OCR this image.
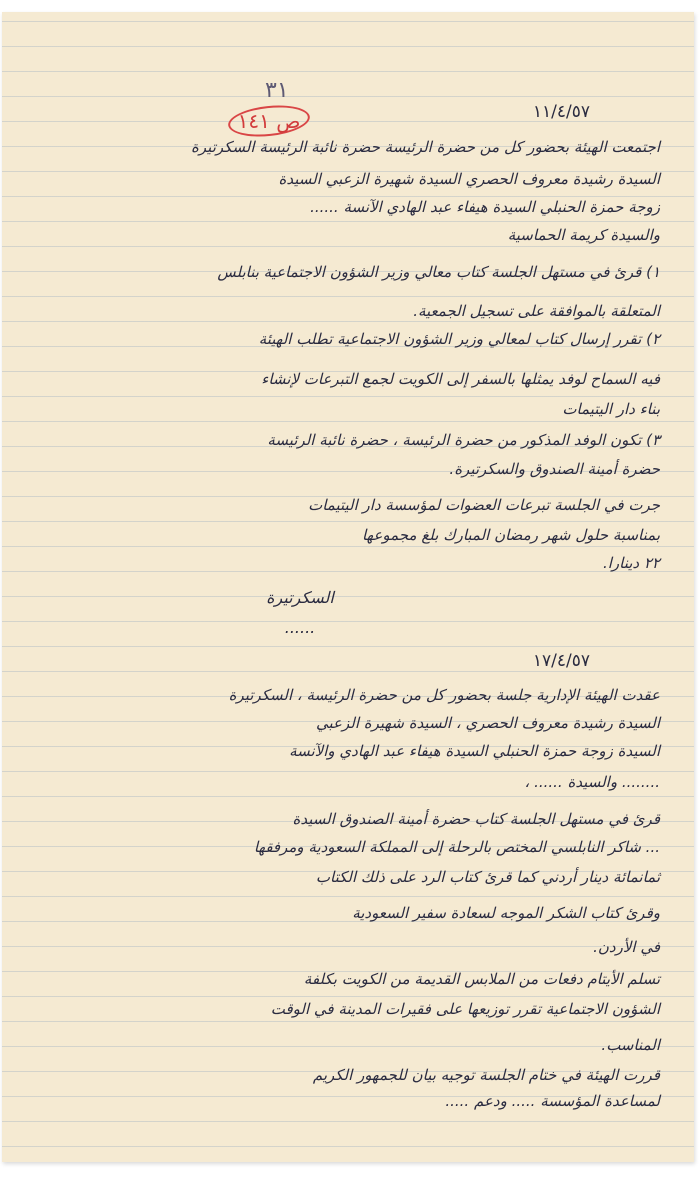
٣١
ص ١٤١	١١/٤/٥٧
اجتمعت الهيئة بحضور كل من حضرة الرئيسة حضرة نائبة الرئيسة السكرتيرة
السيدة رشيدة معروف الحصري السيدة شهيرة الزعبي السيدة
زوجة حمزة الحنبلي السيدة هيفاء عبد الهادي الآنسة ......
والسيدة كريمة الحماسية
١) قرئ في مستهل الجلسة كتاب معالي وزير الشؤون الاجتماعية بنابلس
المتعلقة بالموافقة على تسجيل الجمعية.
٢) تقرر إرسال كتاب لمعالي وزير الشؤون الاجتماعية تطلب الهيئة
فيه السماح لوفد يمثلها بالسفر إلى الكويت لجمع التبرعات لإنشاء
بناء دار اليتيمات
٣) تكون الوفد المذكور من حضرة الرئيسة ، حضرة نائبة الرئيسة
حضرة أمينة الصندوق والسكرتيرة.
جرت في الجلسة تبرعات العضوات لمؤسسة دار اليتيمات
بمناسبة حلول شهر رمضان المبارك بلغ مجموعها
٢٢ دينارا.
السكرتيرة
......
١٧/٤/٥٧
عقدت الهيئة الإدارية جلسة بحضور كل من حضرة الرئيسة ، السكرتيرة
السيدة رشيدة معروف الحصري ، السيدة شهيرة الزعبي
السيدة زوجة حمزة الحنبلي السيدة هيفاء عبد الهادي والآنسة
........ والسيدة ...... ،
قرئ في مستهل الجلسة كتاب حضرة أمينة الصندوق السيدة
... شاكر النابلسي المختص بالرحلة إلى المملكة السعودية ومرفقها
ثمانمائة دينار أردني كما قرئ كتاب الرد على ذلك الكتاب
وقرئ كتاب الشكر الموجه لسعادة سفير السعودية
في الأردن.
تسلم الأيتام دفعات من الملابس القديمة من الكويت بكلفة
الشؤون الاجتماعية تقرر توزيعها على فقيرات المدينة في الوقت
المناسب.
قررت الهيئة في ختام الجلسة توجيه بيان للجمهور الكريم
لمساعدة المؤسسة ..... ودعم .....
